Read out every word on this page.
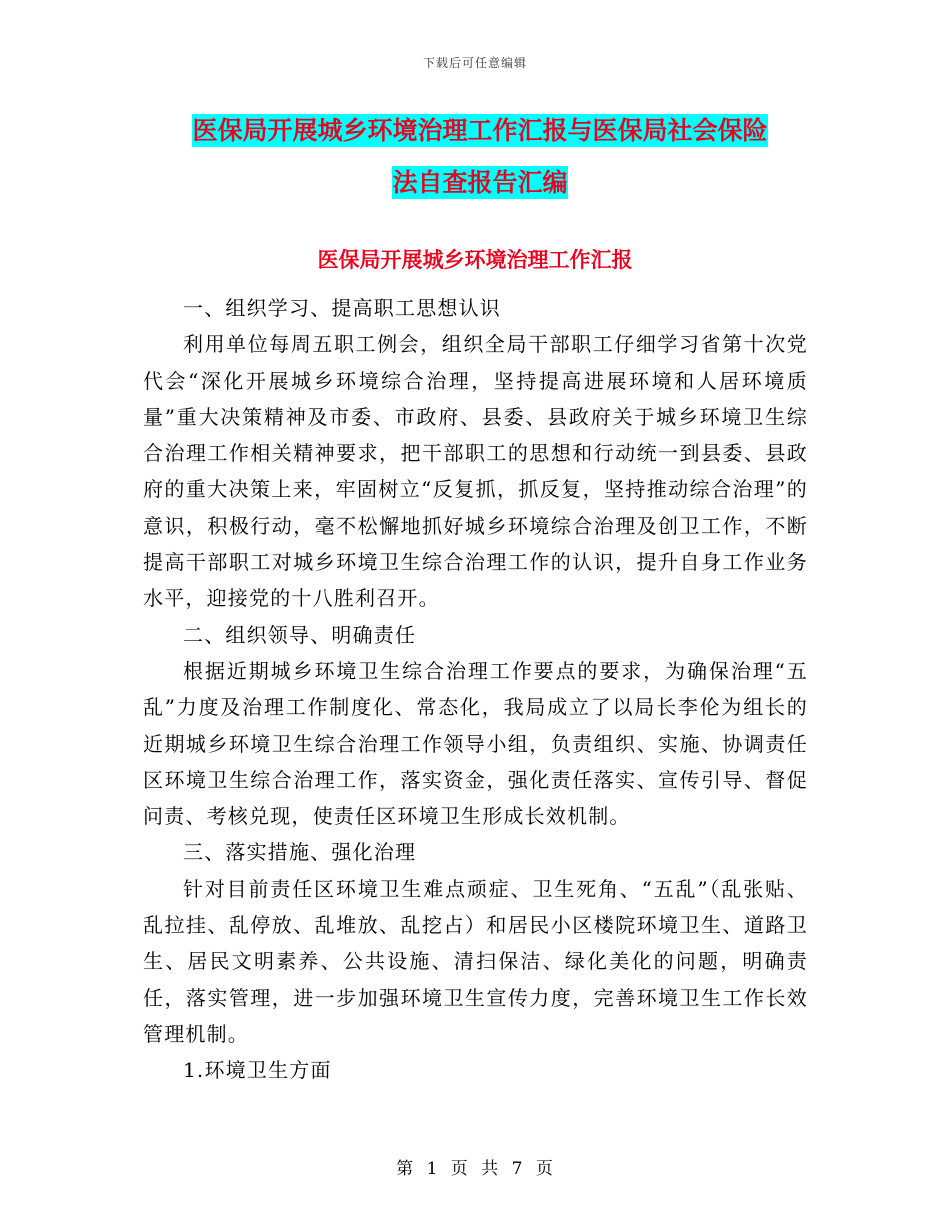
下载后可任意编辑
医保局开展城乡环境治理工作汇报与医保局社会保险
法自查报告汇编
医保局开展城乡环境治理工作汇报

一、组织学习、提高职工思想认识

利用单位每周五职工例会，组织全局干部职工仔细学习省第十次党代会“深化开展城乡环境综合治理，坚持提高进展环境和人居环境质量”重大决策精神及市委、市政府、县委、县政府关于城乡环境卫生综合治理工作相关精神要求，把干部职工的思想和行动统一到县委、县政府的重大决策上来，牢固树立“反复抓，抓反复，坚持推动综合治理”的意识，积极行动，毫不松懈地抓好城乡环境综合治理及创卫工作，不断提高干部职工对城乡环境卫生综合治理工作的认识，提升自身工作业务水平，迎接党的十八胜利召开。

二、组织领导、明确责任

根据近期城乡环境卫生综合治理工作要点的要求，为确保治理“五乱”力度及治理工作制度化、常态化，我局成立了以局长李伦为组长的近期城乡环境卫生综合治理工作领导小组，负责组织、实施、协调责任区环境卫生综合治理工作，落实资金，强化责任落实、宣传引导、督促问责、考核兑现，使责任区环境卫生形成长效机制。

三、落实措施、强化治理

针对目前责任区环境卫生难点顽症、卫生死角、“五乱”（乱张贴、乱拉挂、乱停放、乱堆放、乱挖占）和居民小区楼院环境卫生、道路卫生、居民文明素养、公共设施、清扫保洁、绿化美化的问题，明确责任，落实管理，进一步加强环境卫生宣传力度，完善环境卫生工作长效管理机制。

1.环境卫生方面

第 1 页 共 7 页
